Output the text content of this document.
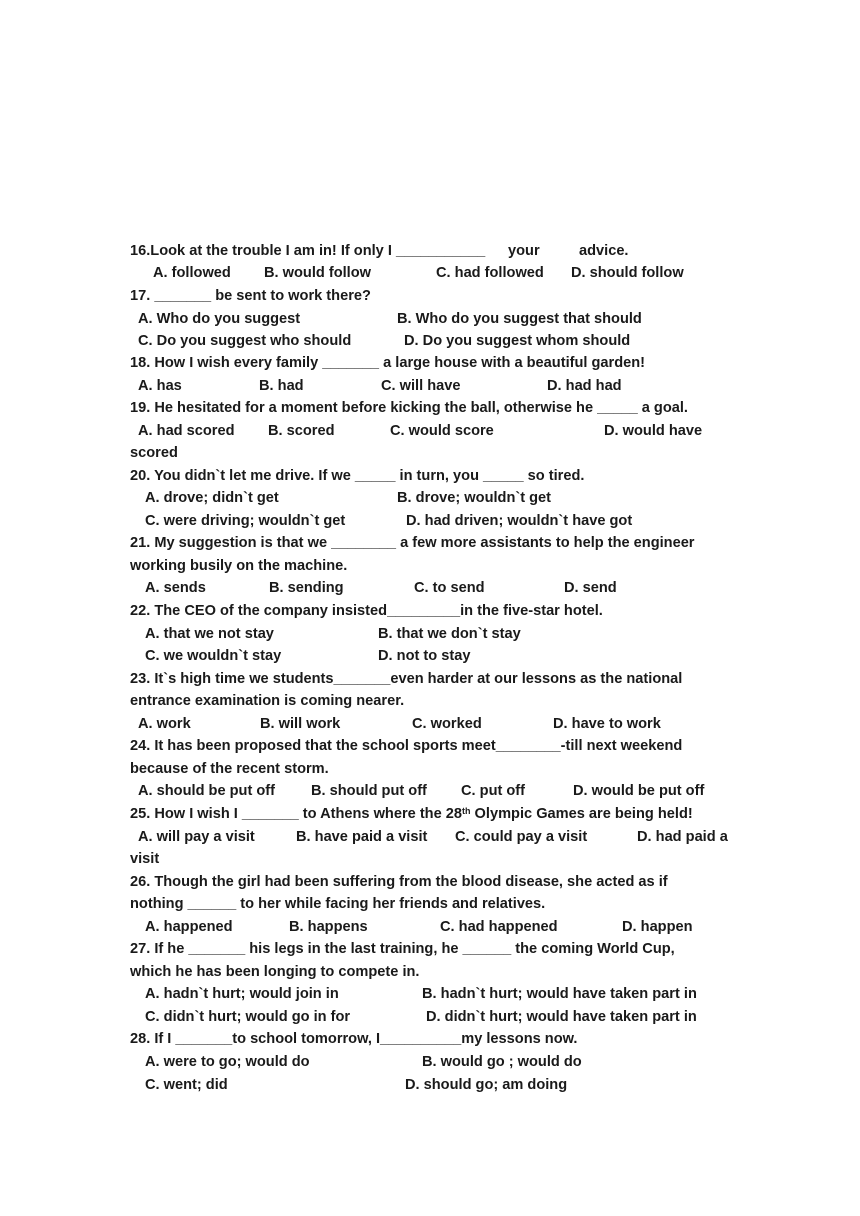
16.Look at the trouble I am in! If only I ___________ your	advice.
A. followed B. would follow	C. had followed D. should follow
17. _______ be sent to work there?
A. Who do you suggest	B. Who do you suggest that should
C. Do you suggest who should	D. Do you suggest whom should
18. How I wish every family _______ a large house with a beautiful garden!
A. has	B. had	C. will have	D. had had
19. He hesitated for a moment before kicking the ball, otherwise he _____ a goal.
A. had scored B. scored	C. would score	D. would have
scored
20. You didn`t let me drive. If we _____ in turn, you _____ so tired.
A. drove; didn`t get	B. drove; wouldn`t get
C. were driving; wouldn`t get	D. had driven; wouldn`t have got
21. My suggestion is that we ________ a few more assistants to help the engineer
working busily on the machine.
A. sends	B. sending	C. to send	D. send
22. The CEO of the company insisted_________in the five-star hotel.
A. that we not stay	B. that we don`t stay
C. we wouldn`t stay	D. not to stay
23. It`s high time we students_______even harder at our lessons as the national
entrance examination is coming nearer.
A. work	B. will work	C. worked	D. have to work
24. It has been proposed that the school sports meet________-till next weekend
because of the recent storm.
A. should be put off B. should put off C. put off	D. would be put off
25. How I wish I _______ to Athens where the 28th Olympic Games are being held!
A. will pay a visit	B. have paid a visit C. could pay a visit	D. had paid a
visit
26. Though the girl had been suffering from the blood disease, she acted as if
nothing ______ to her while facing her friends and relatives.
A. happened	B. happens	C. had happened	D. happen
27. If he _______ his legs in the last training, he ______ the coming World Cup,
which he has been longing to compete in.
A. hadn`t hurt; would join in	B. hadn`t hurt; would have taken part in
C. didn`t hurt; would go in for	D. didn`t hurt; would have taken part in
28. If I _______to school tomorrow, I__________my lessons now.
A. were to go; would do	B. would go ; would do
C. went; did	D. should go; am doing
